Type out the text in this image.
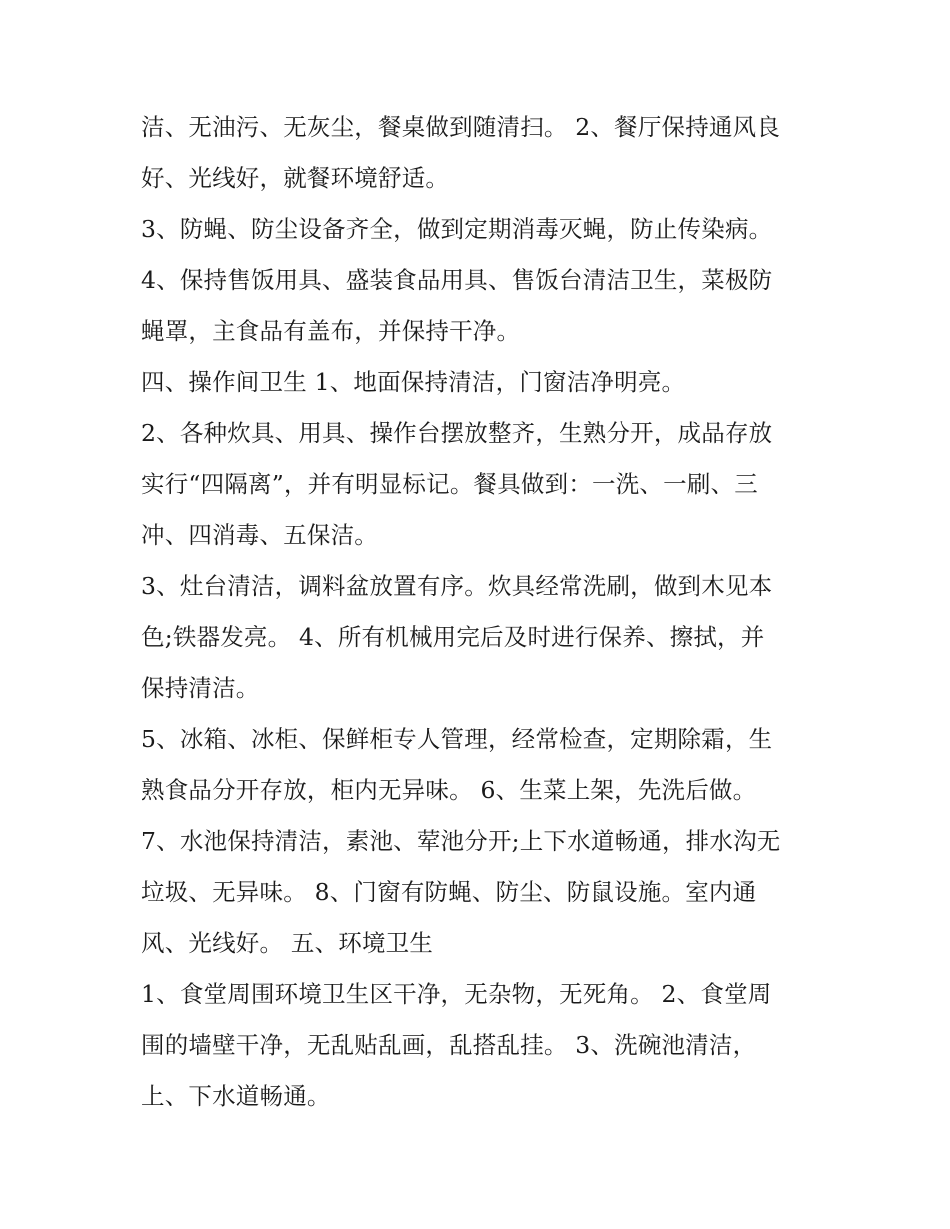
洁、无油污、无灰尘，餐桌做到随清扫。 2、餐厅保持通风良
好、光线好，就餐环境舒适。
3、防蝇、防尘设备齐全，做到定期消毒灭蝇，防止传染病。
4、保持售饭用具、盛装食品用具、售饭台清洁卫生，菜极防
蝇罩，主食品有盖布，并保持干净。
四、操作间卫生 1、地面保持清洁，门窗洁净明亮。
2、各种炊具、用具、操作台摆放整齐，生熟分开，成品存放
实行“四隔离”，并有明显标记。餐具做到：一洗、一刷、三
冲、四消毒、五保洁。
3、灶台清洁，调料盆放置有序。炊具经常洗刷，做到木见本
色;铁器发亮。 4、所有机械用完后及时进行保养、擦拭，并
保持清洁。
5、冰箱、冰柜、保鲜柜专人管理，经常检查，定期除霜，生
熟食品分开存放，柜内无异味。 6、生菜上架，先洗后做。
7、水池保持清洁，素池、荤池分开;上下水道畅通，排水沟无
垃圾、无异味。 8、门窗有防蝇、防尘、防鼠设施。室内通
风、光线好。 五、环境卫生
1、食堂周围环境卫生区干净，无杂物，无死角。 2、食堂周
围的墙壁干净，无乱贴乱画，乱搭乱挂。 3、洗碗池清洁，
上、下水道畅通。
